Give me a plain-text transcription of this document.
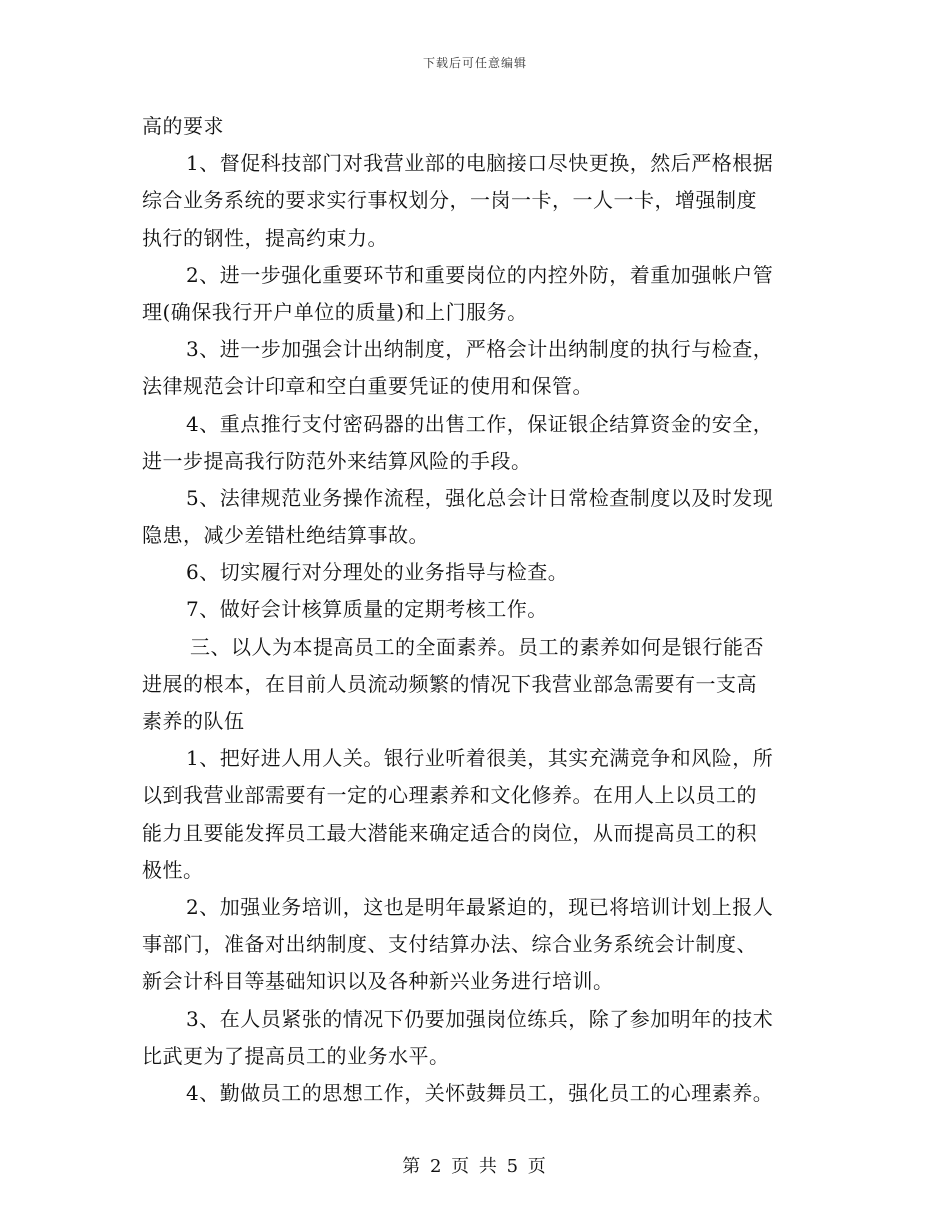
下载后可任意编辑
高的要求
1、督促科技部门对我营业部的电脑接口尽快更换，然后严格根据
综合业务系统的要求实行事权划分，一岗一卡，一人一卡，增强制度
执行的钢性，提高约束力。
2、进一步强化重要环节和重要岗位的内控外防，着重加强帐户管
理(确保我行开户单位的质量)和上门服务。
3、进一步加强会计出纳制度，严格会计出纳制度的执行与检查，
法律规范会计印章和空白重要凭证的使用和保管。
4、重点推行支付密码器的出售工作，保证银企结算资金的安全，
进一步提高我行防范外来结算风险的手段。
5、法律规范业务操作流程，强化总会计日常检查制度以及时发现
隐患，减少差错杜绝结算事故。
6、切实履行对分理处的业务指导与检查。
7、做好会计核算质量的定期考核工作。
三、以人为本提高员工的全面素养。员工的素养如何是银行能否
进展的根本，在目前人员流动频繁的情况下我营业部急需要有一支高
素养的队伍
1、把好进人用人关。银行业听着很美，其实充满竞争和风险，所
以到我营业部需要有一定的心理素养和文化修养。在用人上以员工的
能力且要能发挥员工最大潜能来确定适合的岗位，从而提高员工的积
极性。
2、加强业务培训，这也是明年最紧迫的，现已将培训计划上报人
事部门，准备对出纳制度、支付结算办法、综合业务系统会计制度、
新会计科目等基础知识以及各种新兴业务进行培训。
3、在人员紧张的情况下仍要加强岗位练兵，除了参加明年的技术
比武更为了提高员工的业务水平。
4、勤做员工的思想工作，关怀鼓舞员工，强化员工的心理素养。
第 2 页 共 5 页
